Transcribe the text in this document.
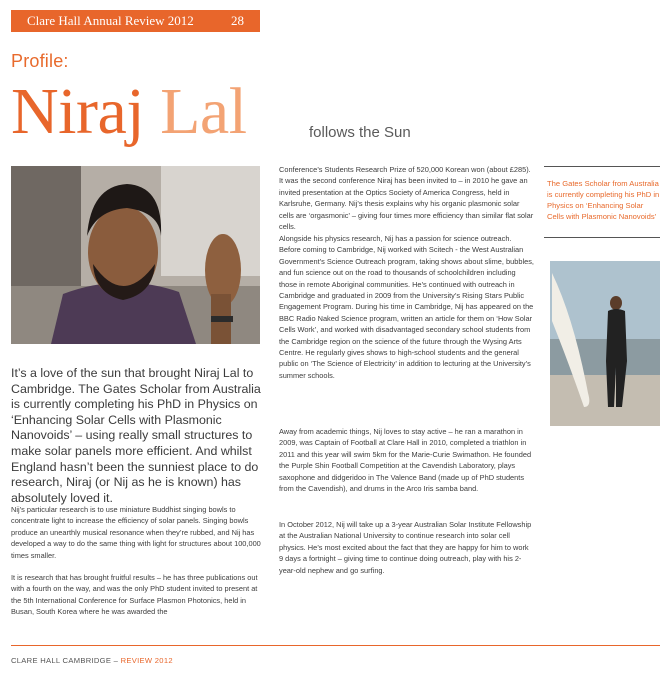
Clare Hall Annual Review 2012	28
Profile:
Niraj Lal	follows the Sun

It’s a love of the sun that brought Niraj Lal to Cambridge. The Gates Scholar from Australia is currently completing his PhD in Physics on ‘Enhancing Solar Cells with Plasmonic Nanovoids’ – using really small structures to make solar panels more efficient. And whilst England hasn’t been the sunniest place to do research, Niraj (or Nij as he is known) has absolutely loved it.

Nij’s particular research is to use miniature Buddhist singing bowls to concentrate light to increase the efficiency of solar panels. Singing bowls produce an unearthly musical resonance when they’re rubbed, and Nij has developed a way to do the same thing with light for structures about 100,000 times smaller.

It is research that has brought fruitful results – he has three publications out with a fourth on the way, and was the only PhD student invited to present at the 5th International Conference for Surface Plasmon Photonics, held in Busan, South Korea where he was awarded the

Conference’s Students Research Prize of 520,000 Korean won (about £285). It was the second conference Niraj has been invited to – in 2010 he gave an invited presentation at the Optics Society of America Congress, held in Karlsruhe, Germany. Nij’s thesis explains why his organic plasmonic solar cells are ‘orgasmonic’ – giving four times more efficiency than similar flat solar cells.

Alongside his physics research, Nij has a passion for science outreach. Before coming to Cambridge, Nij worked with Scitech - the West Australian Government’s Science Outreach program, taking shows about slime, bubbles, and fun science out on the road to thousands of schoolchildren including those in remote Aboriginal communities. He’s continued with outreach in Cambridge and graduated in 2009 from the University’s Rising Stars Public Engagement Program. During his time in Cambridge, Nij has appeared on the BBC Radio Naked Science program, written an article for them on ‘How Solar Cells Work’, and worked with disadvantaged secondary school students from the Cambridge region on the science of the future through the Wysing Arts Centre. He regularly gives shows to high-school students and the general public on ‘The Science of Electricity’ in addition to lecturing at the University’s summer schools.

Away from academic things, Nij loves to stay active – he ran a marathon in 2009, was Captain of Football at Clare Hall in 2010, completed a triathlon in 2011 and this year will swim 5km for the Marie-Curie Swimathon. He founded the Purple Shin Football Competition at the Cavendish Laboratory, plays saxophone and didgeridoo in The Valence Band (made up of PhD students from the Cavendish), and drums in the Arco Iris samba band.

In October 2012, Nij will take up a 3-year Australian Solar Institute Fellowship at the Australian National University to continue research into solar cell physics. He’s most excited about the fact that they are happy for him to work 9 days a fortnight – giving time to continue doing outreach, play with his 2-year-old nephew and go surfing.

The Gates Scholar from Australia is currently completing his PhD in Physics on ‘Enhancing Solar Cells with Plasmonic Nanovoids’

CLARE HALL CAMBRIDGE – REVIEW 2012
